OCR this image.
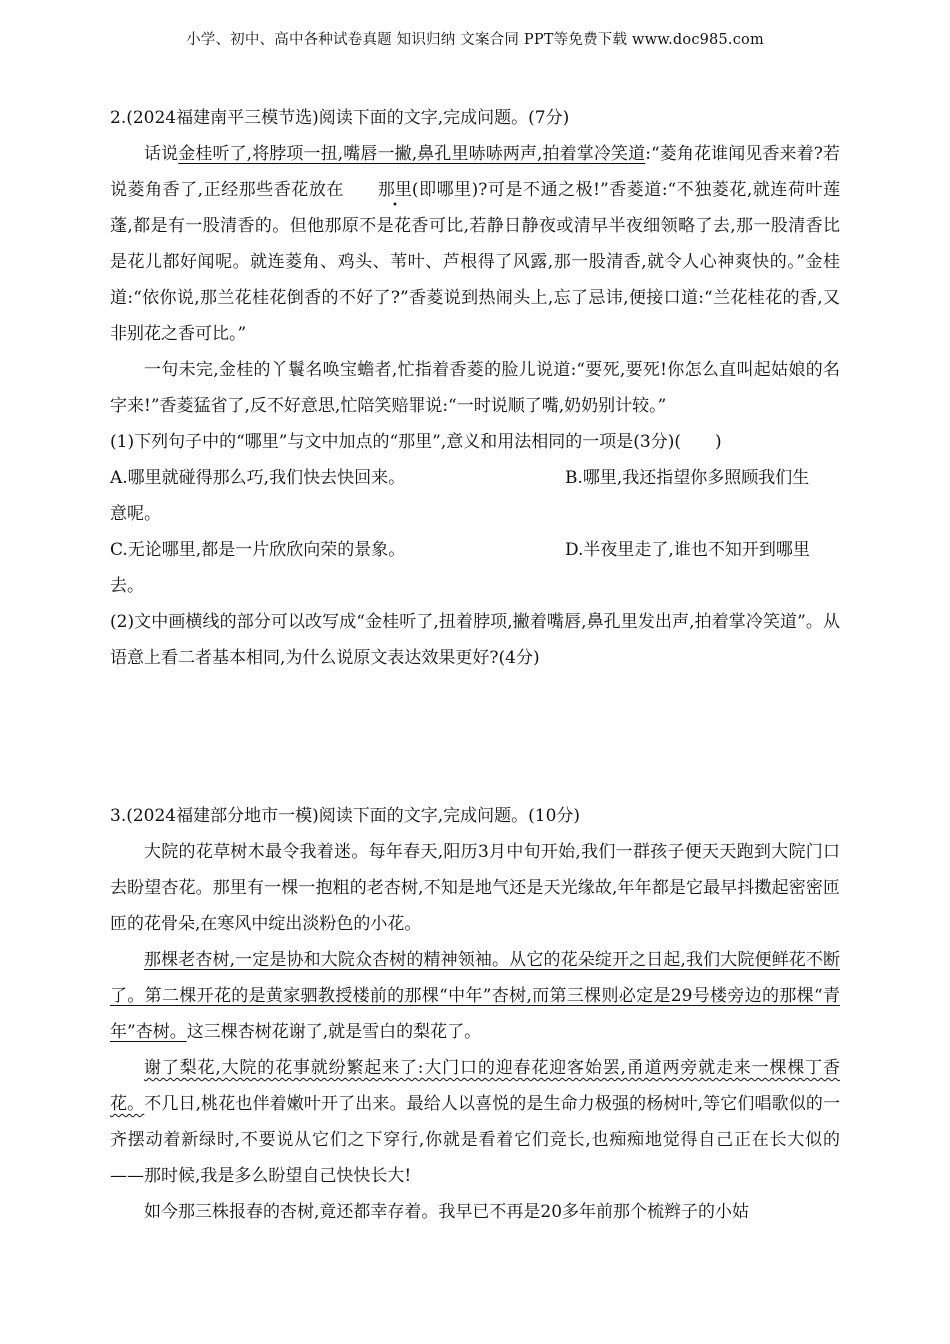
小学、初中、高中各种试卷真题 知识归纳 文案合同 PPT等免费下载 www.doc985.com

2.(2024福建南平三模节选)阅读下面的文字,完成问题。(7分)

话说金桂听了,将脖项一扭,嘴唇一撇,鼻孔里哧哧两声,拍着掌冷笑道:“菱角花谁闻见香来着?若说菱角香了,正经那些香花放在 那里(即哪里)?可是不通之极!”香菱道:“不独菱花,就连荷叶莲蓬,都是有一股清香的。但他那原不是花香可比,若静日静夜或清早半夜细领略了去,那一股清香比是花儿都好闻呢。就连菱角、鸡头、苇叶、芦根得了风露,那一股清香,就令人心神爽快的。”金桂道:“依你说,那兰花桂花倒香的不好了?”香菱说到热闹头上,忘了忌讳,便接口道:“兰花桂花的香,又非别花之香可比。”

一句未完,金桂的丫鬟名唤宝蟾者,忙指着香菱的脸儿说道:“要死,要死!你怎么直叫起姑娘的名字来!”香菱猛省了,反不好意思,忙陪笑赔罪说:“一时说顺了嘴,奶奶别计较。”

(1)下列句子中的“哪里”与文中加点的“那里”,意义和用法相同的一项是(3分)(　　)

A.哪里就碰得那么巧,我们快去快回来。	B.哪里,我还指望你多照顾我们生

意呢。

C.无论哪里,都是一片欣欣向荣的景象。	D.半夜里走了,谁也不知开到哪里

去。

(2)文中画横线的部分可以改写成“金桂听了,扭着脖项,撇着嘴唇,鼻孔里发出声,拍着掌冷笑道”。从语意上看二者基本相同,为什么说原文表达效果更好?(4分)

3.(2024福建部分地市一模)阅读下面的文字,完成问题。(10分)

大院的花草树木最令我着迷。每年春天,阳历3月中旬开始,我们一群孩子便天天跑到大院门口去盼望杏花。那里有一棵一抱粗的老杏树,不知是地气还是天光缘故,年年都是它最早抖擞起密密匝匝的花骨朵,在寒风中绽出淡粉色的小花。

那棵老杏树,一定是协和大院众杏树的精神领袖。从它的花朵绽开之日起,我们大院便鲜花不断了。第二棵开花的是黄家驷教授楼前的那棵“中年”杏树,而第三棵则必定是29号楼旁边的那棵“青年”杏树。这三棵杏树花谢了,就是雪白的梨花了。

谢了梨花,大院的花事就纷繁起来了:大门口的迎春花迎客始罢,甬道两旁就走来一棵棵丁香花。不几日,桃花也伴着嫩叶开了出来。最给人以喜悦的是生命力极强的杨树叶,等它们唱歌似的一齐摆动着新绿时,不要说从它们之下穿行,你就是看着它们竞长,也痴痴地觉得自己正在长大似的——那时候,我是多么盼望自己快快长大!

如今那三株报春的杏树,竟还都幸存着。我早已不再是20多年前那个梳辫子的小姑
